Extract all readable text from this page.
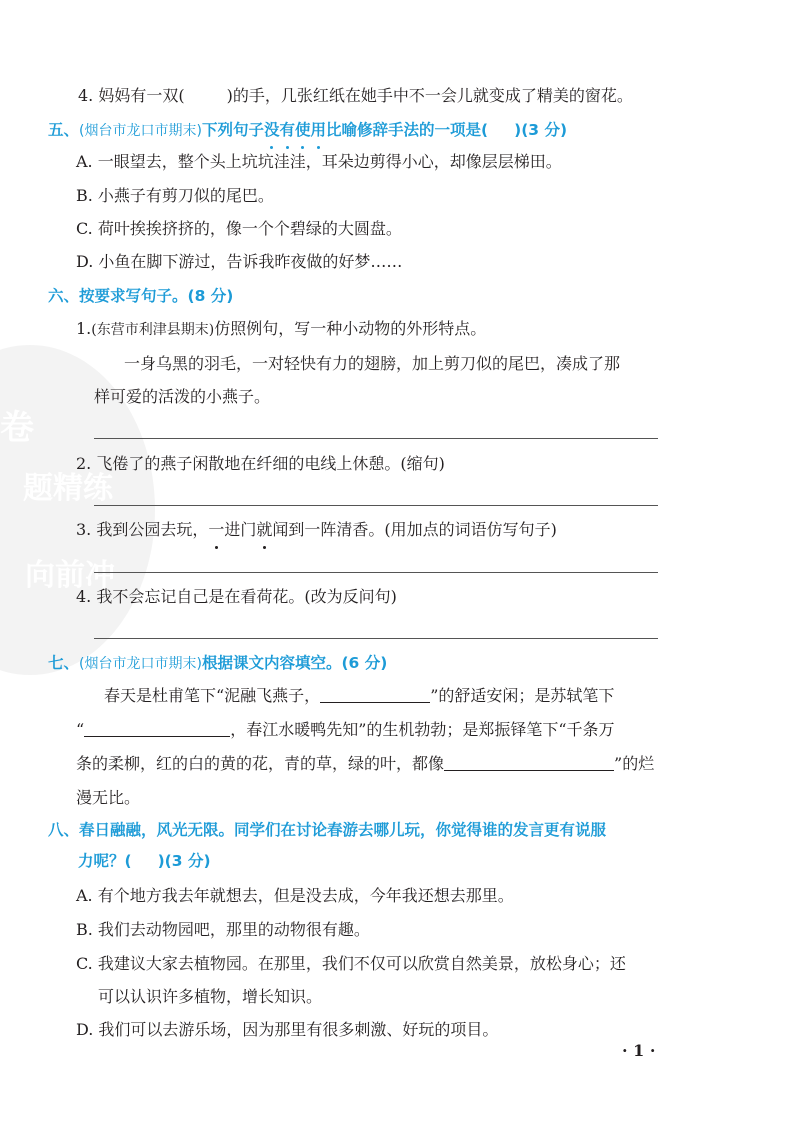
卷
题精练
向前冲
4. 妈妈有一双(	)的手，几张红纸在她手中不一会儿就变成了精美的窗花。
五、(烟台市龙口市期末)下列句子没有使用比喻修辞手法的一项是( )(3 分)
A. 一眼望去，整个头上坑坑洼洼，耳朵边剪得小心，却像层层梯田。
B. 小燕子有剪刀似的尾巴。
C. 荷叶挨挨挤挤的，像一个个碧绿的大圆盘。
D. 小鱼在脚下游过，告诉我昨夜做的好梦……
六、按要求写句子。(8 分)
1.(东营市利津县期末)仿照例句，写一种小动物的外形特点。
一身乌黑的羽毛，一对轻快有力的翅膀，加上剪刀似的尾巴，凑成了那
样可爱的活泼的小燕子。
2. 飞倦了的燕子闲散地在纤细的电线上休憩。(缩句)
3. 我到公园去玩，一进门就闻到一阵清香。(用加点的词语仿写句子)
4. 我不会忘记自己是在看荷花。(改为反问句)
七、(烟台市龙口市期末)根据课文内容填空。(6 分)
春天是杜甫笔下“泥融飞燕子，	”的舒适安闲；是苏轼笔下
“	，春江水暖鸭先知”的生机勃勃；是郑振铎笔下“千条万
条的柔柳，红的白的黄的花，青的草，绿的叶，都像	”的烂
漫无比。
八、春日融融，风光无限。同学们在讨论春游去哪儿玩，你觉得谁的发言更有说服
力呢？( )(3 分)
A. 有个地方我去年就想去，但是没去成，今年我还想去那里。
B. 我们去动物园吧，那里的动物很有趣。
C. 我建议大家去植物园。在那里，我们不仅可以欣赏自然美景，放松身心；还
可以认识许多植物，增长知识。
D. 我们可以去游乐场，因为那里有很多刺激、好玩的项目。
· 1 ·
